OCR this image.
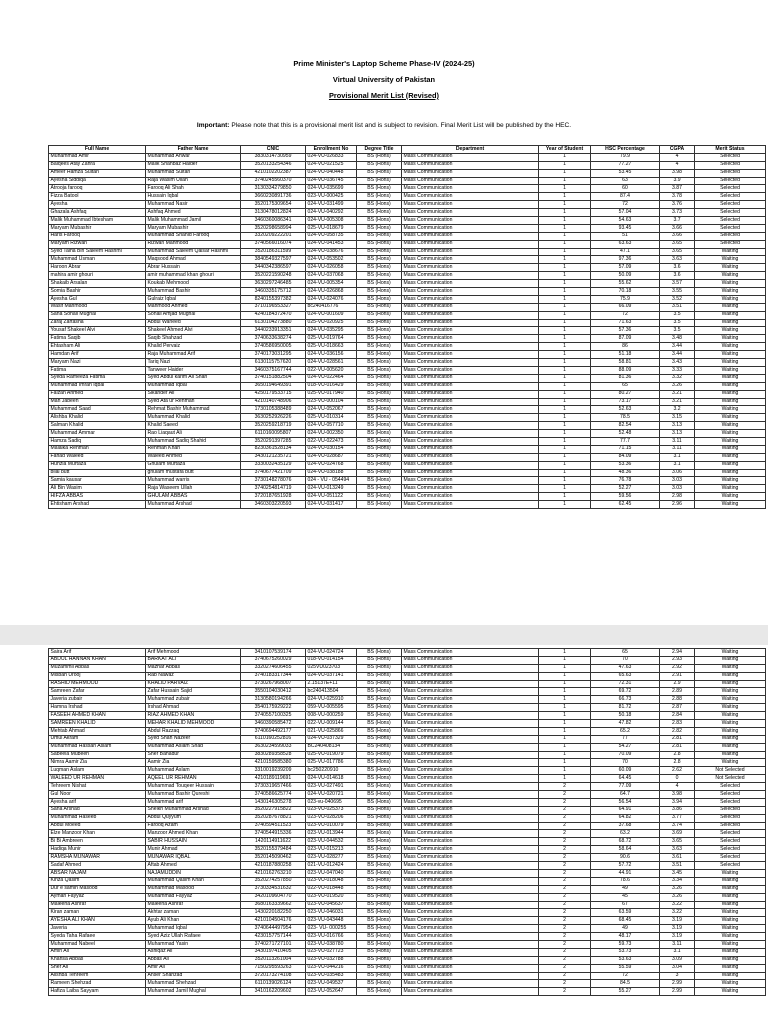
Prime Minister's Laptop Scheme Phase-IV (2024-25)
Virtual University of Pakistan
Provisional Merit List (Revised)
Important: Please note that this is a provisional merit list and is subject to revision. Final Merit List will be published by the HEC.
Full Name	Father Name	CNIC	Enrollment No	Degree Title	Department	Year of Student	HSC Percentage	CGPA	Merit Status
Muhammad Amir	Muhammad Anwar	3830314730959	024-VU-026833	BS (Hons)	Mass Communication	1	79.9	4	Selected
Balqees Atay Zahra	Malik Shahbaz Haider	3520133254346	024-VU-021525	BS (Hons)	Mass Communication	1	77.27	4	Selected
Ameer Hamza Sultan	Muhammad Sultan	4210102202387	024-VU-040448	BS (Hons)	Mass Communication	1	53.45	3.98	Selected
Ayesha Siddiqa	Raja Wasim Ullah	3740245560370	024-VU-036745	BS (Hons)	Mass Communication	1	63	3.9	Selected
Atrooja farooq	Farooq Ali Shah	3130334279850	024-VU-035699	BS (Hons)	Mass Communication	1	60	3.87	Selected
Fizza Batool	Hussain Iqbal	3660230891736	023-VU-000425	BS (Hons)	Mass Communication	1	87.4	3.78	Selected
Ayesha	Muhammad Nasir	3520175309654	024-VU-031499	BS (Hons)	Mass Communication	1	72	3.76	Selected
Ghazala Ashfaq	Ashfaq Ahmed	3130478012824	024-VU-040292	BS (Hons)	Mass Communication	1	57.04	3.73	Selected
Malik Muhammad Ibtesham	Malik Muhammad Jamil	3460360086341	024-VU-005308	BS (Hons)	Mass Communication	1	54.63	3.7	Selected
Maryam Mubashir	Maryam Mubashir	3520298658994	025-VU-018679	BS (Hons)	Mass Communication	1	93.45	3.66	Selected
Haris Farooq	Muhammad Shahid Farooq	3320209222201	024-VU-058735	BS (Hons)	Mass Communication	1	51	3.66	Selected
Maryam Rizwan	Rizwan Mahmood	3740566016074	024-VU-041453	BS (Hons)	Mass Communication	1	63.63	3.65	Selected
Syed Talha Bin Saleem Hashmi	Muhammad Saleem Qaisar Hashmi	3520186311599	024-VU-038676	BS (Hons)	Mass Communication	1	47.1	3.65	Waiting
Muhammad Usman	Maqsood Ahmad	3840549327597	024-VU-053502	BS (Hons)	Mass Communication	1	97.36	3.63	Waiting
Haroon Abrar	Abrar Hussain	3440342386597	024-VU-026058	BS (Hons)	Mass Communication	1	57.09	3.6	Waiting
mahira amir ghouri	amir muhammad khan ghouri	3520221590248	024-VU-037068	BS (Hons)	Mass Communication	1	50.09	3.6	Waiting
Shakaib Arsalan	Koukab Mehmood	3630297246485	024-VU-005354	BS (Hons)	Mass Communication	1	55.62	3.57	Waiting
Somia Bashir	Muhammad Bashir	3460335175712	024-VU-026868	BS (Hons)	Mass Communication	1	70.18	3.55	Waiting
Ayesha Gul	Gulraiz Iqbal	8240155397382	024-VU-024076	BS (Hons)	Mass Communication	1	75.9	3.52	Waiting
Wasif Mahmood	Mahmood Ahmed	3710196553327	bc240416776	BS (Hons)	Mass Communication	1	66.09	3.51	Waiting
Sana Sohail Mughal	Sohail Amjad Mughal	4240184372470	024-VU-001609	BS (Hons)	Mass Communication	1	72	3.5	Waiting
Zaraj Zartasha	Abdul Waheed	6130104273880	025-VU-020925	BS (Hons)	Mass Communication	1	71.63	3.5	Waiting
Yousaf Shakeel Alvi	Shakeel Ahmed Alvi	3440233913351	024-VU-035295	BS (Hons)	Mass Communication	1	57.36	3.5	Waiting
Fatima Saqib	Saqib Shahzad	3740633638274	025-VU-019764	BS (Hons)	Mass Communication	1	87.09	3.48	Waiting
Ehtasham Ali	Khalid Pervaiz	3740586950005	025-VU-018663	BS (Hons)	Mass Communication	1	86	3.44	Waiting
Hamdan Arif	Raja Muhammad Arif	3740173031295	024-VU-036156	BS (Hons)	Mass Communication	1	51.18	3.44	Waiting
Maryam Nazi	Tariq Nazi	6130115757620	024-VU-028561	BS (Hons)	Mass Communication	1	58.81	3.43	Waiting
Fatima	Tanweer Haider	3460375167744	022-VU-005620	BS (Hons)	Mass Communication	1	88.09	3.33	Waiting
Syeda Rameeza Fatima	Syed Abdul karim Ali Shah	3740151882504	024-VU-022464	BS (Hons)	Mass Communication	1	81.36	3.32	Waiting
Muhammad Imran Iqbal	Muhammad Iqbal	3650194649391	018-VU-016429	BS (Hons)	Mass Communication	1	65	3.26	Waiting
Faizan Ahmed	Sikander Ali	4250179533715	025-VU-017940	BS (Hons)	Mass Communication	1	80.27	3.21	Waiting
Mah Jabeen	Syed Ata ur Rehman	4210140748906	023-VU-000104	BS (Hons)	Mass Communication	1	73.17	3.21	Waiting
Muhammad Saad	Rehmat Bashir Muhammad	1730105388489	024-VU-052067	BS (Hons)	Mass Communication	1	52.63	3.2	Waiting
Alishba Khalid	Muhammad Khalid	3630252926226	025-VU-010314	BS (Hons)	Mass Communication	1	78.5	3.15	Waiting
Salman Khalid	Khalid Saeed	3520259218719	024-VU-057710	BS (Hons)	Mass Communication	1	82.54	3.13	Waiting
Muhammad Ammar	Rao Liaqaut Ali	6110160095807	024-VU-002350	BS (Hons)	Mass Communication	1	52.48	3.13	Waiting
Hamza Sadiq	Muhammad Sadiq Shahid	3520291397285	022-VU-022473	BS (Hons)	Mass Communication	1	77.7	3.11	Waiting
Malaika Rehman	Rehman Khan	8230361528134	024-VU-030154	BS (Hons)	Mass Communication	1	71.15	3.11	Waiting
Fahad Waleed	Waleed Ahmed	3430121235721	024-VU-028687	BS (Hons)	Mass Communication	1	84.09	3.1	Waiting
Hunzla Murtaza	Ghulam Murtaza	3330032435129	024-VU-024768	BS (Hons)	Mass Communication	1	53.36	3.1	Waiting
bilal butt	ghulam mustafa butt	3740677421709	024-VU-038188	BS (Hons)	Mass Communication	1	48.36	3.06	Waiting
Samia kausar	Muhammad warris	3730148278076	024 - VU - 054494	BS (Hons)	Mass Communication	1	76.78	3.03	Waiting
Ali Bin Wasim	Raja Waseem Ullah	3740254814719	024-VU-013249	BS (Hons)	Mass Communication	1	52.27	3.03	Waiting
HIFZA ABBAS	GHULAM ABBAS	3720187651928	024-VU-051122	BS (Hons)	Mass Communication	1	59.56	2.98	Waiting
Ehtisham Arshad	Muhammad Arshad	3460303220593	024-VU-031417	BS (Hons)	Mass Communication	1	62.45	2.96	Waiting
Saira Arif	Arif Mehmood	3410107539174	024-VU-024724	BS (Hons)	Mass Communication	1	65	2.94	Waiting
ABDUL HANNAN KHAN	BARKAT ALI	3740675260029	018-VU-014154	BS (Hons)	Mass Communication	1	70	2.93	Waiting
Muzammil Abbas	Mazhar Abbas	3320274606455	025VU023703	BS (Hons)	Mass Communication	1	47.63	2.92	Waiting
Misbah Urooj	Rab Nawaz	3740183317344	024-VU-037141	BS (Hons)	Mass Communication	1	65.63	2.91	Waiting
RASHID MEHMOOD	KHALID PARVAIZ	3730267968007	2.15137E+11	BS (Hons)	Mass Communication	1	72.31	2.9	Waiting
Samreen Zafar	Zafar Hussain Sajid	3550104030412	bc240413504	BS (Hons)	Mass Communication	1	69.72	2.89	Waiting
Javeria zubair	Muhammad zubair	3130580194266	024-VU-025910	BS (Hons)	Mass Communication	1	66.73	2.88	Waiting
Hamna Irshad	Irshad Ahmad	3540175929222	059-VU-005595	BS (Hons)	Mass Communication	1	81.72	2.87	Waiting
FASEEH AHMED KHAN	RIAZ AHMED KHAN	3740557100325	008-VU-000259	BS (Hons)	Mass Communication	1	50.18	2.84	Waiting
SAMREEN KHALID	MEHAR KHALID MEHMOOD	3460390585472	022-VU-009144	BS (Hons)	Mass Communication	1	47.82	2.83	Waiting
Mehtab Ahmad	Abdul Razzaq	3740694492177	021-VU-025866	BS (Hons)	Mass Communication	1	65.2	2.82	Waiting
Umul Akram	Syed Shah Nazeer	6110160252816	024-VU-037329	BS (Hons)	Mass Communication	1	77	2.81	Waiting
Muhammad Hassan Aslam	Muhammad Aslam Shad	3630234599033	BC240408134	BS (Hons)	Mass Communication	1	54.27	2.81	Waiting
Sabeela Mubeen	Sher Bahadur	3830289358528	025-VU-019079	BS (Hons)	Mass Communication	1	70.09	2.8	Waiting
Nimra Aamir Zia	Aamir Zia	4210159585380	025-VU-017786	BS (Hons)	Mass Communication	1	70	2.8	Waiting
Luqman Aslam	Muhammad Aslam	3310019239209	bc250220910	BS (Hons)	Mass Communication	1	60.09	2.62	Not Selected
WALEED UR REHMAN	AQEEL UR REHMAN	4210189119691	024-VU-014618	BS (Hons)	Mass Communication	1	64.45	0	Not Selected
Tehreem Nishat	Muhammad Touqeer Hussain	3730319657466	023-VU-027491	BS (Hons)	Mass Communication	2	77.09	4	Selected
Gul Noor	Muhammad Bashir Qureshi	3740586625774	024-VU-020721	BS (Hons)	Mass Communication	2	64.7	3.98	Selected
Ayesha arif	Muhammad arif	1430146305278	023-vu-040695	BS (Hons)	Mass Communication	2	56.54	3.94	Selected
Sana Arshad	Sheikh Muhammad Arshad	3520227915822	023-VU-025373	BS (Hons)	Mass Communication	2	64.91	3.86	Selected
Muhammad Haseeb	Abdul Quyyum	3520287678821	023-VU-028206	BS (Hons)	Mass Communication	2	64.82	3.77	Selected
Abdul Moeed	Farooq Azam	3740594511523	023-VU-010079	BS (Hons)	Mass Communication	2	37.68	3.74	Selected
Elze Manzoor Khan	Manzoor Ahmed Khan	3740544915336	023-VU-013944	BS (Hons)	Mass Communication	2	63.2	3.69	Selected
Bi Bi Ambreen	SABIR HUSSAIN	1420114911622	023-VU-044532	BS (Hons)	Mass Communication	2	68.72	3.65	Selected
Hadiqa Munir	Munir Ahmad	3520155379484	023-VU-015213	BS (Hons)	Mass Communication	2	58.64	3.63	Selected
RAMSHA MUNAWAR	MUNAWAR IQBAL	3520145090462	023-VU-028277	BS (Hons)	Mass Communication	2	90.6	3.61	Selected
Sadaf Ahmed	Aftab Ahmed	4210187880258	021-VU-012424	BS (Hons)	Mass Communication	2	57.72	3.51	Selected
ABSAR NAJAM	NAJAMUDDIN	4210162763210	023-VU-047040	BS (Hons)	Mass Communication	2	44.91	3.45	Waiting
Kinza Qasim	Muhammad Qasim Khan	3520274257850	023-VU-018048	BS (Hons)	Mass Communication	2	78.6	3.34	Waiting
Dur e samin Masood	Muhammad Masood	3730334531632	022-VU-018448	BS (Hons)	Mass Communication	2	49	3.26	Waiting
Ayman Fayyaz	Muhammad Fayyaz	3420109604770	023-VU-019520	BS (Hons)	Mass Communication	2	45	3.26	Waiting
Maleeha Ashraf	Maleeha Ashraf	3680163339662	023-VU-045637	BS (Hons)	Mass Communication	2	67	3.22	Waiting
Kiran zaman	Akhtar zaman	1430220182250	023-VU-046031	BS (Hons)	Mass Communication	2	63.59	3.22	Waiting
AYESHA ALI KHAN	Ayub Ali Khan	4210104504176	023-VU-043448	BS (Hons)	Mass Communication	2	68.45	3.19	Waiting
Javeria	Muhammad Iqbal	3740644497954	023- VU- 000255	BS (Hons)	Mass Communication	2	49	3.19	Waiting
Syeda Taha Rafaee	Syed Aziz Ullah Rafaee	4230157757144	023-VU-016766	BS (Hons)	Mass Communication	2	48.17	3.19	Waiting
Muhammad Nabeel	Muhammad Yasin	3740271727101	023-VU-038780	BS (Hons)	Mass Communication	2	59.73	3.11	Waiting
Amin Ali	Ashiqaz Ali	3430197410405	023-VU-027723	BS (Hons)	Mass Communication	2	53.73	3.1	Waiting
Khansa Abbas	Abbas Ali	3520113261004	023-VU-032788	BS (Hons)	Mass Communication	2	53.63	3.09	Waiting
Sher Ali	Amir Ali	7150295593263	023-VU-044216	BS (Hons)	Mass Communication	2	55.59	3.04	Waiting
Alishba Tehreem	Anser Shahzad	3720173274108	023-VU-035483	BS (Hons)	Mass Communication	2	72	3	Waiting
Rameen Shehzad	Muhammad Shehzad	6110139026124	023-VU-049537	BS (Hons)	Mass Communication	2	84.5	2.99	Waiting
Hafiza Laiba Sayyam	Muhammad Jamil Mughal	3410162209602	023-VU-052647	BS (Hons)	Mass Communication	2	55.27	2.99	Waiting
